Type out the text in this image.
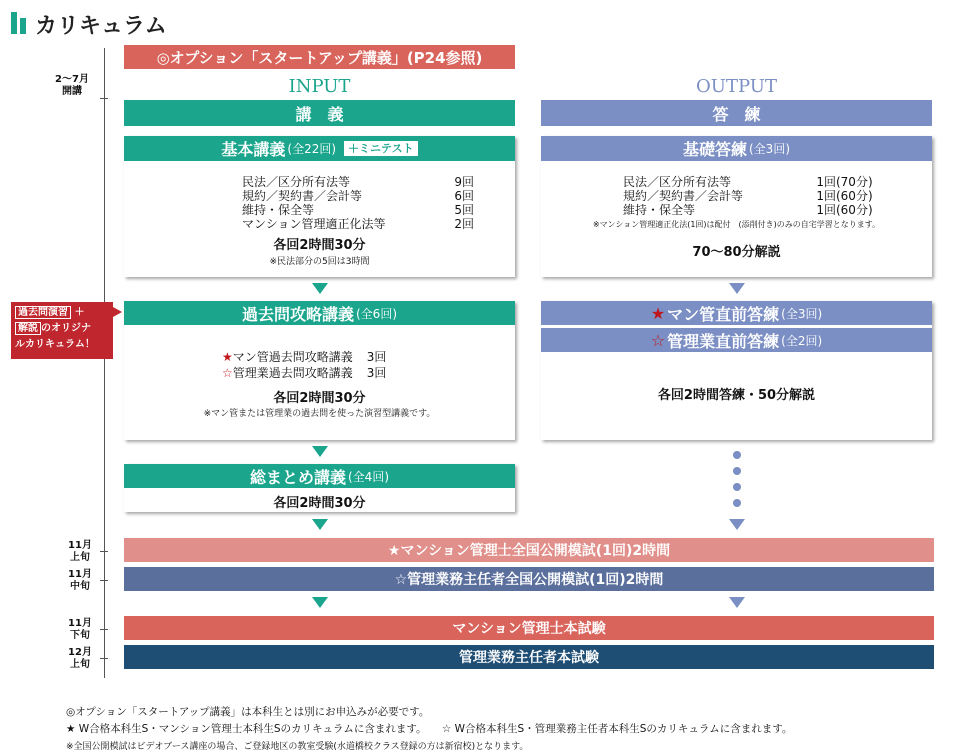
カリキュラム
◎オプション「スタートアップ講義」(P24参照)
2〜7月
開講	INPUT	OUTPUT
講　義	答　練
基本講義 (全22回)	＋ミニテスト
民法／区分所有法等	9回
規約／契約書／会計等	6回
維持・保全等	5回
マンション管理適正化法等	2回
各回2時間30分
※民法部分の5回は3時間
基礎答練 (全3回)
民法／区分所有法等	1回(70分)
規約／契約書／会計等	1回(60分)
維持・保全等	1回(60分)
※マンション管理適正化法(1回)は配付　(添削付き)のみの自宅学習となります。
70〜80分解説
過去問演習 ＋
解説 のオリジナ
ルカリキュラム！
過去問攻略講義 (全6回)
★マン管過去問攻略講義 3回
☆管理業過去問攻略講義 3回
各回2時間30分
※マン管または管理業の過去問を使った演習型講義です。
★ マン管直前答練 (全3回)
☆ 管理業直前答練 (全2回)
各回2時間答練・50分解説
総まとめ講義 (全4回)
各回2時間30分
11月
上旬	★マンション管理士全国公開模試(1回)2時間
11月
中旬	☆管理業務主任者全国公開模試(1回)2時間
11月
下旬	マンション管理士本試験
12月
上旬	管理業務主任者本試験
◎オプション「スタートアップ講義」は本科生とは別にお申込みが必要です。
★ W合格本科生S・マンション管理士本科生Sのカリキュラムに含まれます。 ☆ W合格本科生S・管理業務主任者本科生Sのカリキュラムに含まれます。
※全国公開模試はビデオブース講座の場合、ご登録地区の教室受験(水道橋校クラス登録の方は新宿校)となります。
